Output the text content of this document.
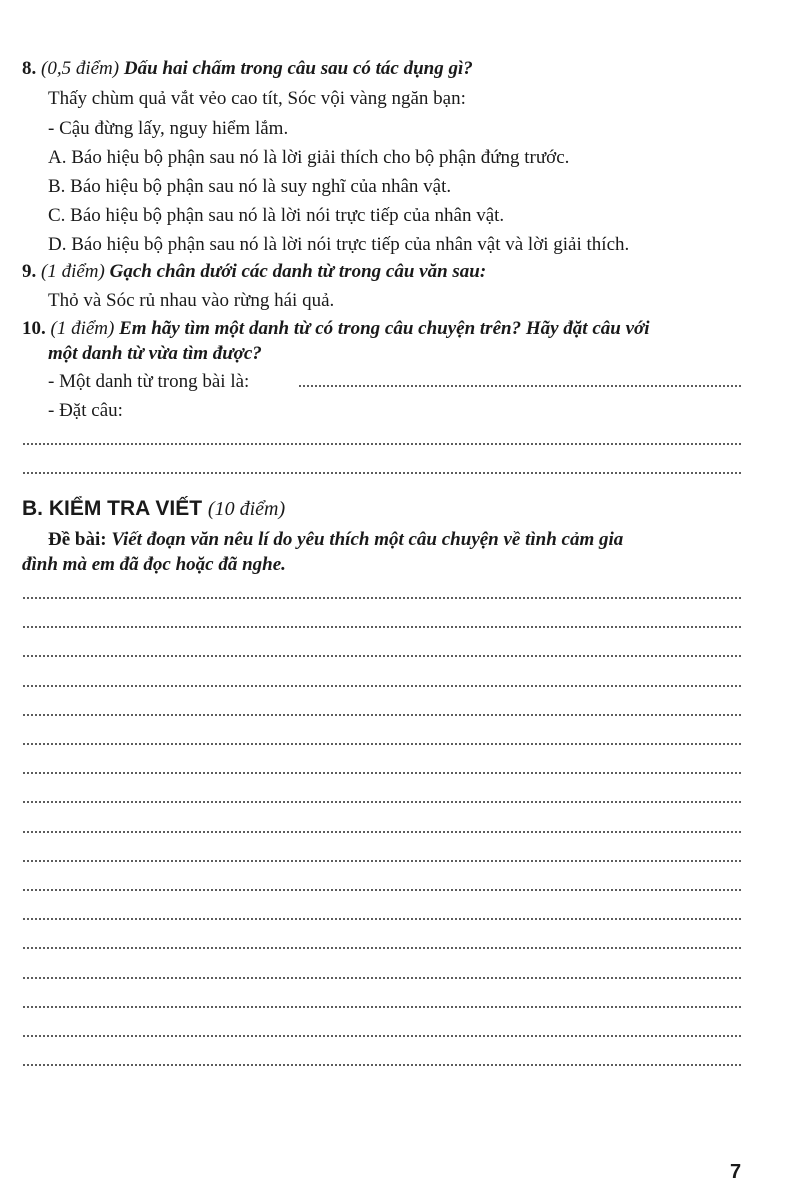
8. (0,5 điểm) Dấu hai chấm trong câu sau có tác dụng gì?
Thấy chùm quả vắt vẻo cao tít, Sóc vội vàng ngăn bạn:
- Cậu đừng lấy, nguy hiểm lắm.
A. Báo hiệu bộ phận sau nó là lời giải thích cho bộ phận đứng trước.
B. Báo hiệu bộ phận sau nó là suy nghĩ của nhân vật.
C. Báo hiệu bộ phận sau nó là lời nói trực tiếp của nhân vật.
D. Báo hiệu bộ phận sau nó là lời nói trực tiếp của nhân vật và lời giải thích.
9. (1 điểm) Gạch chân dưới các danh từ trong câu văn sau:
Thỏ và Sóc rủ nhau vào rừng hái quả.
10. (1 điểm) Em hãy tìm một danh từ có trong câu chuyện trên? Hãy đặt câu với
một danh từ vừa tìm được?
- Một danh từ trong bài là:
- Đặt câu:
B. KIỂM TRA VIẾT (10 điểm)
Đề bài: Viết đoạn văn nêu lí do yêu thích một câu chuyện về tình cảm gia
đình mà em đã đọc hoặc đã nghe.
7
